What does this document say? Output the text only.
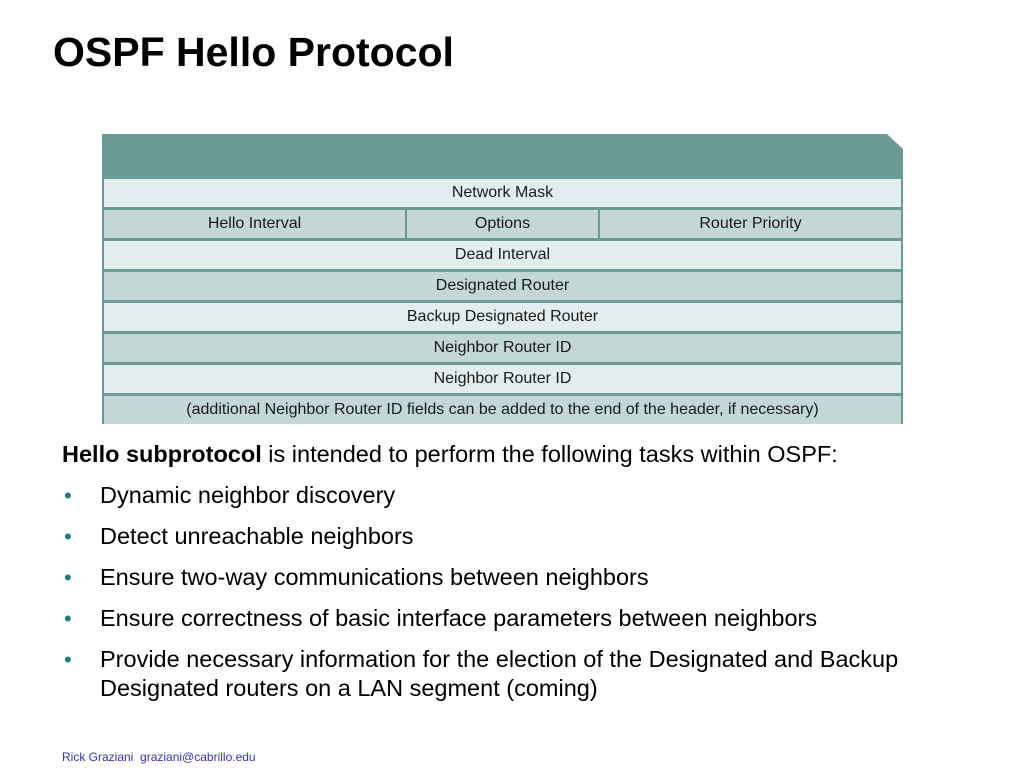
OSPF Hello Protocol
Network Mask
Hello Interval	Options	Router Priority
Dead Interval
Designated Router
Backup Designated Router
Neighbor Router ID
Neighbor Router ID
(additional Neighbor Router ID fields can be added to the end of the header, if necessary)

Hello subprotocol is intended to perform the following tasks within OSPF:

• Dynamic neighbor discovery
• Detect unreachable neighbors
• Ensure two-way communications between neighbors
• Ensure correctness of basic interface parameters between neighbors
• Provide necessary information for the election of the Designated and Backup Designated routers on a LAN segment (coming)
Rick Graziani graziani@cabrillo.edu
